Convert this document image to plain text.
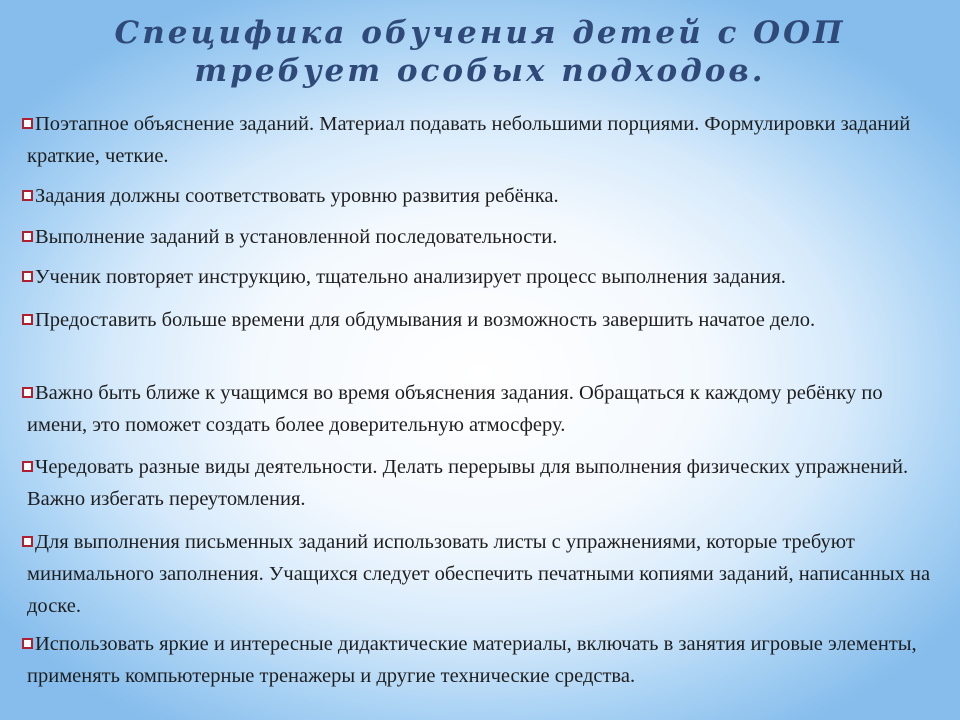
Специфика обучения детей с ООП
требует особых подходов.
Поэтапное объяснение заданий. Материал подавать небольшими порциями. Формулировки заданий краткие, четкие.
Задания должны соответствовать уровню развития ребёнка.
Выполнение заданий в установленной последовательности.
Ученик повторяет инструкцию, тщательно анализирует процесс выполнения задания.
Предоставить больше времени для обдумывания и возможность завершить начатое дело.
Важно быть ближе к учащимся во время объяснения задания. Обращаться к каждому ребёнку по имени, это поможет создать более доверительную атмосферу.
Чередовать разные виды деятельности. Делать перерывы для выполнения физических упражнений. Важно избегать переутомления.
Для выполнения письменных заданий использовать листы с упражнениями, которые требуют минимального заполнения. Учащихся следует обеспечить печатными копиями заданий, написанных на доске.
Использовать яркие и интересные дидактические материалы, включать в занятия игровые элементы, применять компьютерные тренажеры и другие технические средства.
